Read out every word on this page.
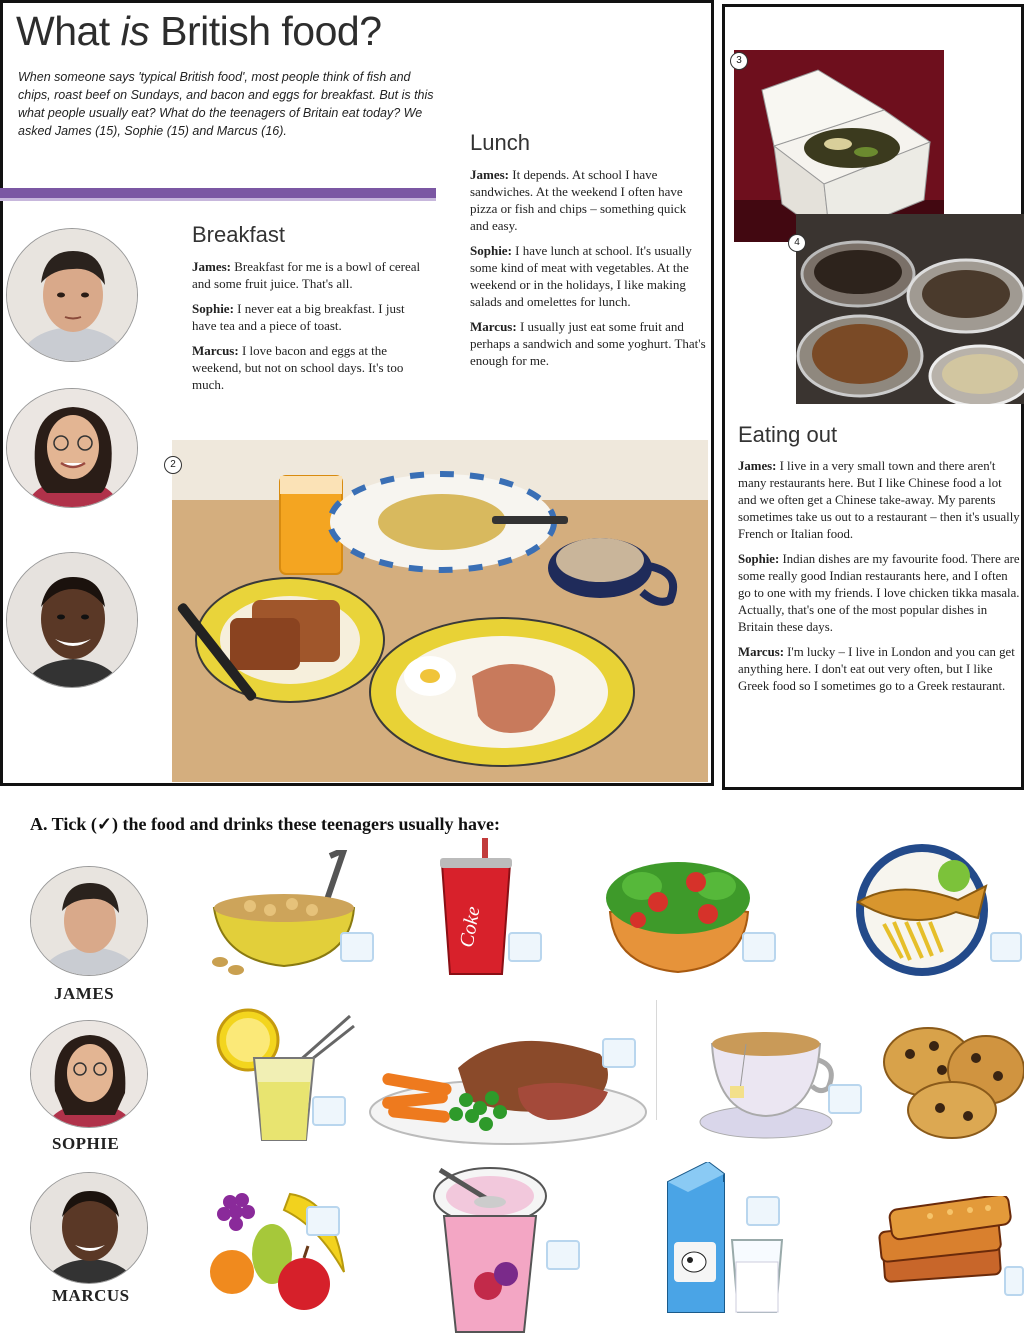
What is British food?
When someone says 'typical British food', most people think of fish and chips, roast beef on Sundays, and bacon and eggs for breakfast. But is this what people usually eat? What do the teenagers of Britain eat today? We asked James (15), Sophie (15) and Marcus (16).
Breakfast

James: Breakfast for me is a bowl of cereal and some fruit juice. That's all.

Sophie: I never eat a big breakfast. I just have tea and a piece of toast.

Marcus: I love bacon and eggs at the weekend, but not on school days. It's too much.

Lunch

James: It depends. At school I have sandwiches. At the weekend I often have pizza or fish and chips – something quick and easy.

Sophie: I have lunch at school. It's usually some kind of meat with vegetables. At the weekend or in the holidays, I like making salads and omelettes for lunch.

Marcus: I usually just eat some fruit and perhaps a sandwich and some yoghurt. That's enough for me.

2
3
4
Eating out

James: I live in a very small town and there aren't many restaurants here. But I like Chinese food a lot and we often get a Chinese take-away. My parents sometimes take us out to a restaurant – then it's usually French or Italian food.

Sophie: Indian dishes are my favourite food. There are some really good Indian restaurants here, and I often go to one with my friends. I love chicken tikka masala. Actually, that's one of the most popular dishes in Britain these days.

Marcus: I'm lucky – I live in London and you can get anything here. I don't eat out very often, but I like Greek food so I sometimes go to a Greek restaurant.

A. Tick (✓) the food and drinks these teenagers usually have:
JAMES
SOPHIE
MARCUS
Coke
